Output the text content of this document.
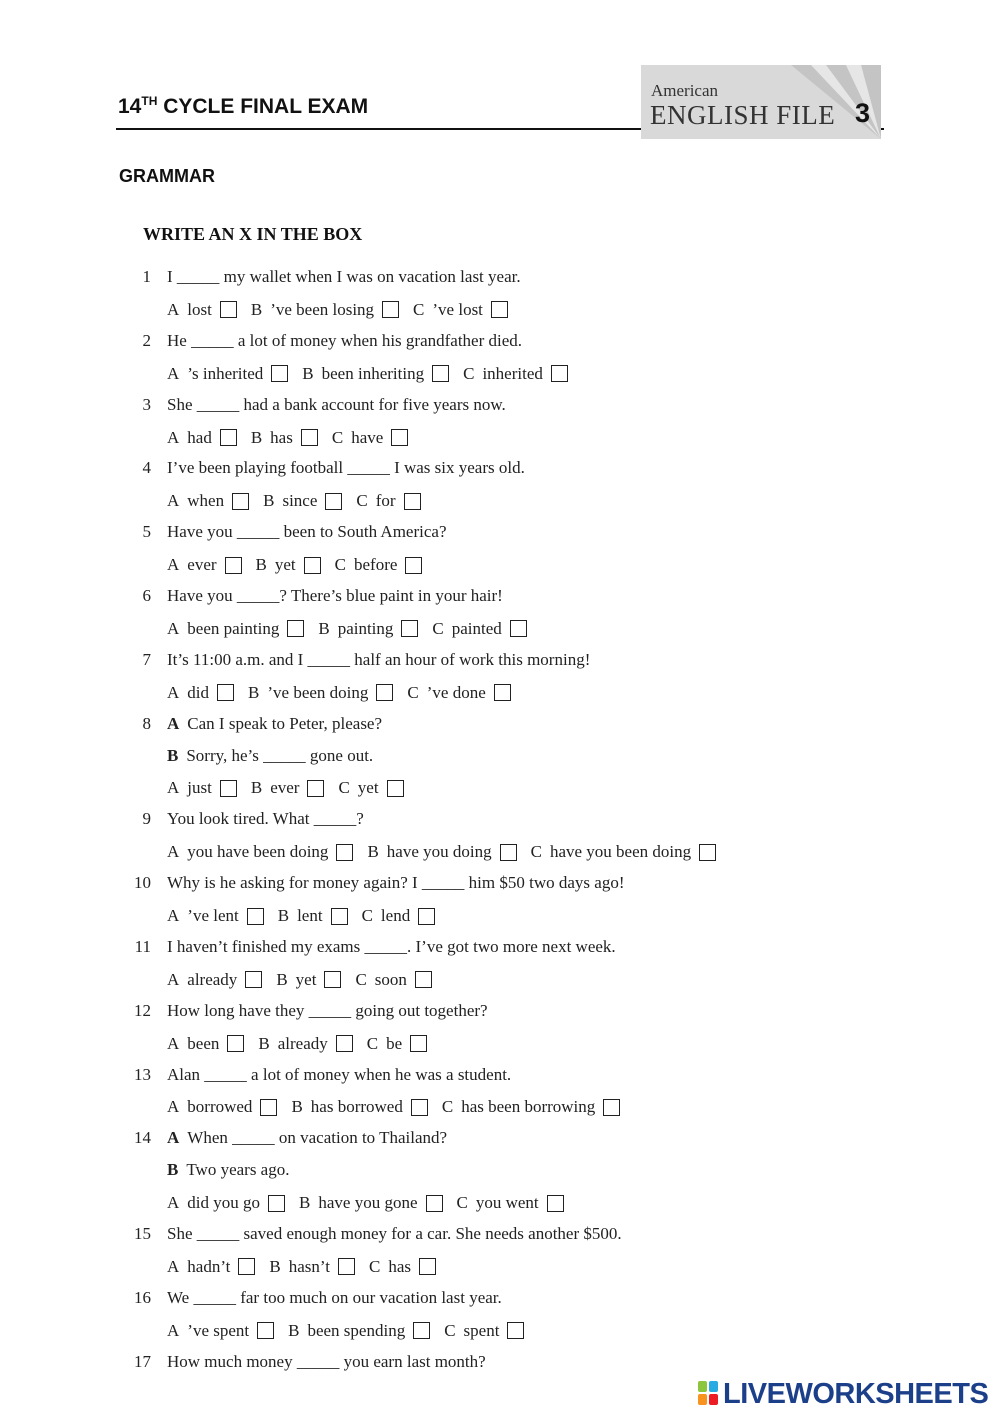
14TH CYCLE FINAL EXAM
American
ENGLISH FILE 3
GRAMMAR
WRITE AN X IN THE BOX
1 I _____ my wallet when I was on vacation last year.
A lost B ’ve been losing C ’ve lost
2 He _____ a lot of money when his grandfather died.
A ’s inherited B been inheriting C inherited
3 She _____ had a bank account for five years now.
A had B has C have
4 I’ve been playing football _____ I was six years old.
A when B since C for
5 Have you _____ been to South America?
A ever B yet C before
6 Have you _____? There’s blue paint in your hair!
A been painting B painting C painted
7 It’s 11:00 a.m. and I _____ half an hour of work this morning!
A did B ’ve been doing C ’ve done
8 A Can I speak to Peter, please?
B Sorry, he’s _____ gone out.
A just B ever C yet
9 You look tired. What _____?
A you have been doing B have you doing C have you been doing
10 Why is he asking for money again? I _____ him $50 two days ago!
A ’ve lent B lent C lend
11 I haven’t finished my exams _____. I’ve got two more next week.
A already B yet C soon
12 How long have they _____ going out together?
A been B already C be
13 Alan _____ a lot of money when he was a student.
A borrowed B has borrowed C has been borrowing
14 A When _____ on vacation to Thailand?
B Two years ago.
A did you go B have you gone C you went
15 She _____ saved enough money for a car. She needs another $500.
A hadn’t B hasn’t C has
16 We _____ far too much on our vacation last year.
A ’ve spent B been spending C spent
17 How much money _____ you earn last month?
LIVEWORKSHEETS
